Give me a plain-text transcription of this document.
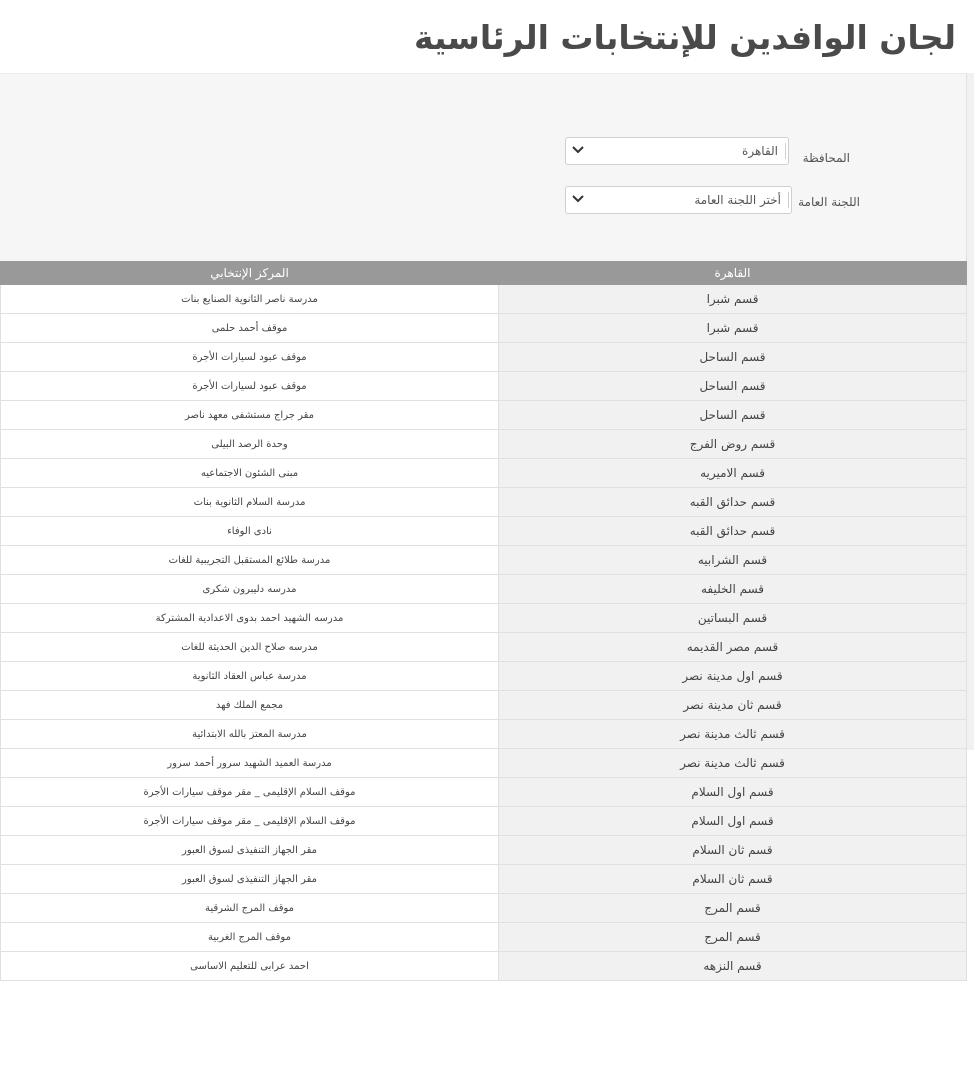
لجان الوافدين للإنتخابات الرئاسية
المحافظة
القاهرة
اللجنة العامة
أختر اللجنة العامة
المركز الإنتخابي	القاهرة
مدرسة ناصر الثانوية الصنايع بنات	قسم شبرا
موقف أحمد حلمى	قسم شبرا
موقف عبود لسيارات الأجرة	قسم الساحل
موقف عبود لسيارات الأجرة	قسم الساحل
مقر جراج مستشفى معهد ناصر	قسم الساحل
وحدة الرصد البيلى	قسم روض الفرج
مبنى الشئون الاجتماعيه	قسم الاميريه
مدرسة السلام الثانوية بنات	قسم حدائق القبه
نادى الوفاء	قسم حدائق القبه
مدرسة طلائع المستقبل التجريبية للغات	قسم الشرابيه
مدرسه دليبرون شكرى	قسم الخليفه
مدرسه الشهيد احمد بدوى الاعدادية المشتركة	قسم البساتين
مدرسه صلاح الدين الحديثة للغات	قسم مصر القديمه
مدرسة عباس العقاد الثانوية	قسم اول مدينة نصر
مجمع الملك فهد	قسم ثان مدينة نصر
مدرسة المعتز بالله الابتدائية	قسم ثالث مدينة نصر
مدرسة العميد الشهيد سرور أحمد سرور	قسم ثالث مدينة نصر
موقف السلام الإقليمى _ مقر موقف سيارات الأجرة	قسم اول السلام
موقف السلام الإقليمى _ مقر موقف سيارات الأجرة	قسم اول السلام
مقر الجهاز التنفيذى لسوق العبور	قسم ثان السلام
مقر الجهاز التنفيذى لسوق العبور	قسم ثان السلام
موقف المرج الشرقية	قسم المرج
موقف المرج الغربية	قسم المرج
احمد عرابى للتعليم الاساسى	قسم النزهه
